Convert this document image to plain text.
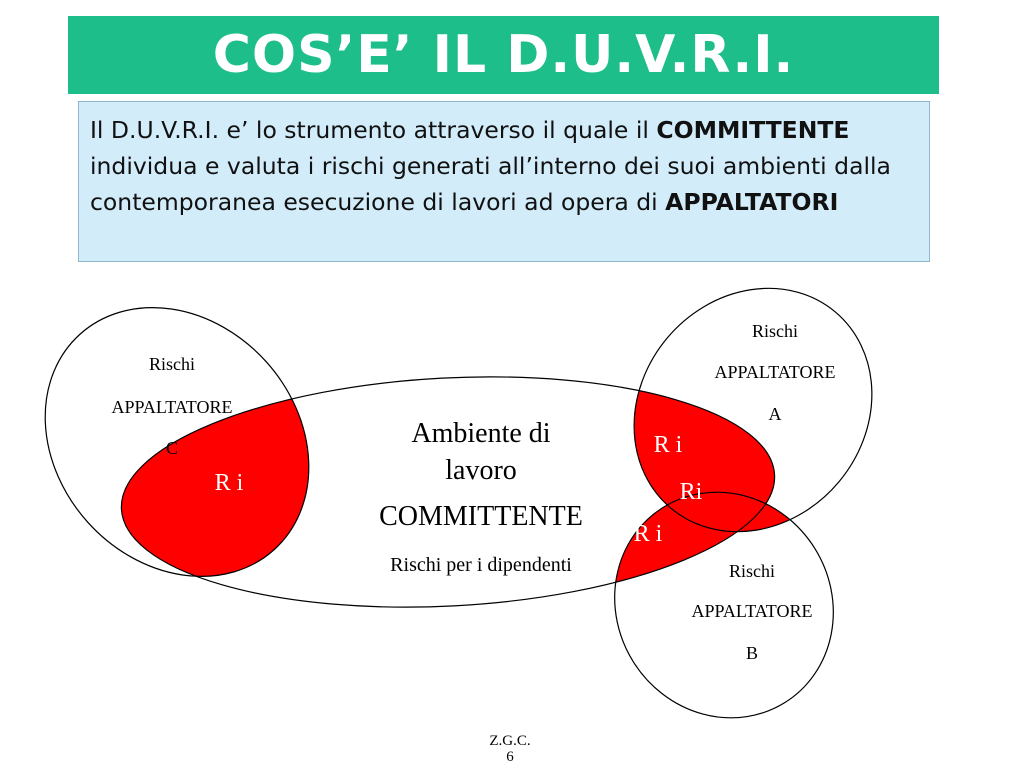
COS’E’ IL D.U.V.R.I.
Il D.U.V.R.I. e’ lo strumento attraverso il quale il COMMITTENTE individua e valuta i rischi generati all’interno dei suoi ambienti dalla contemporanea esecuzione di lavori ad opera di APPALTATORI
Ambiente di
lavoro
COMMITTENTE
Rischi per i dipendenti
Rischi
APPALTATORE
C
Rischi
APPALTATORE
A
Rischi
APPALTATORE
B
R i
R i
Ri
R i
Z.G.C.
6
